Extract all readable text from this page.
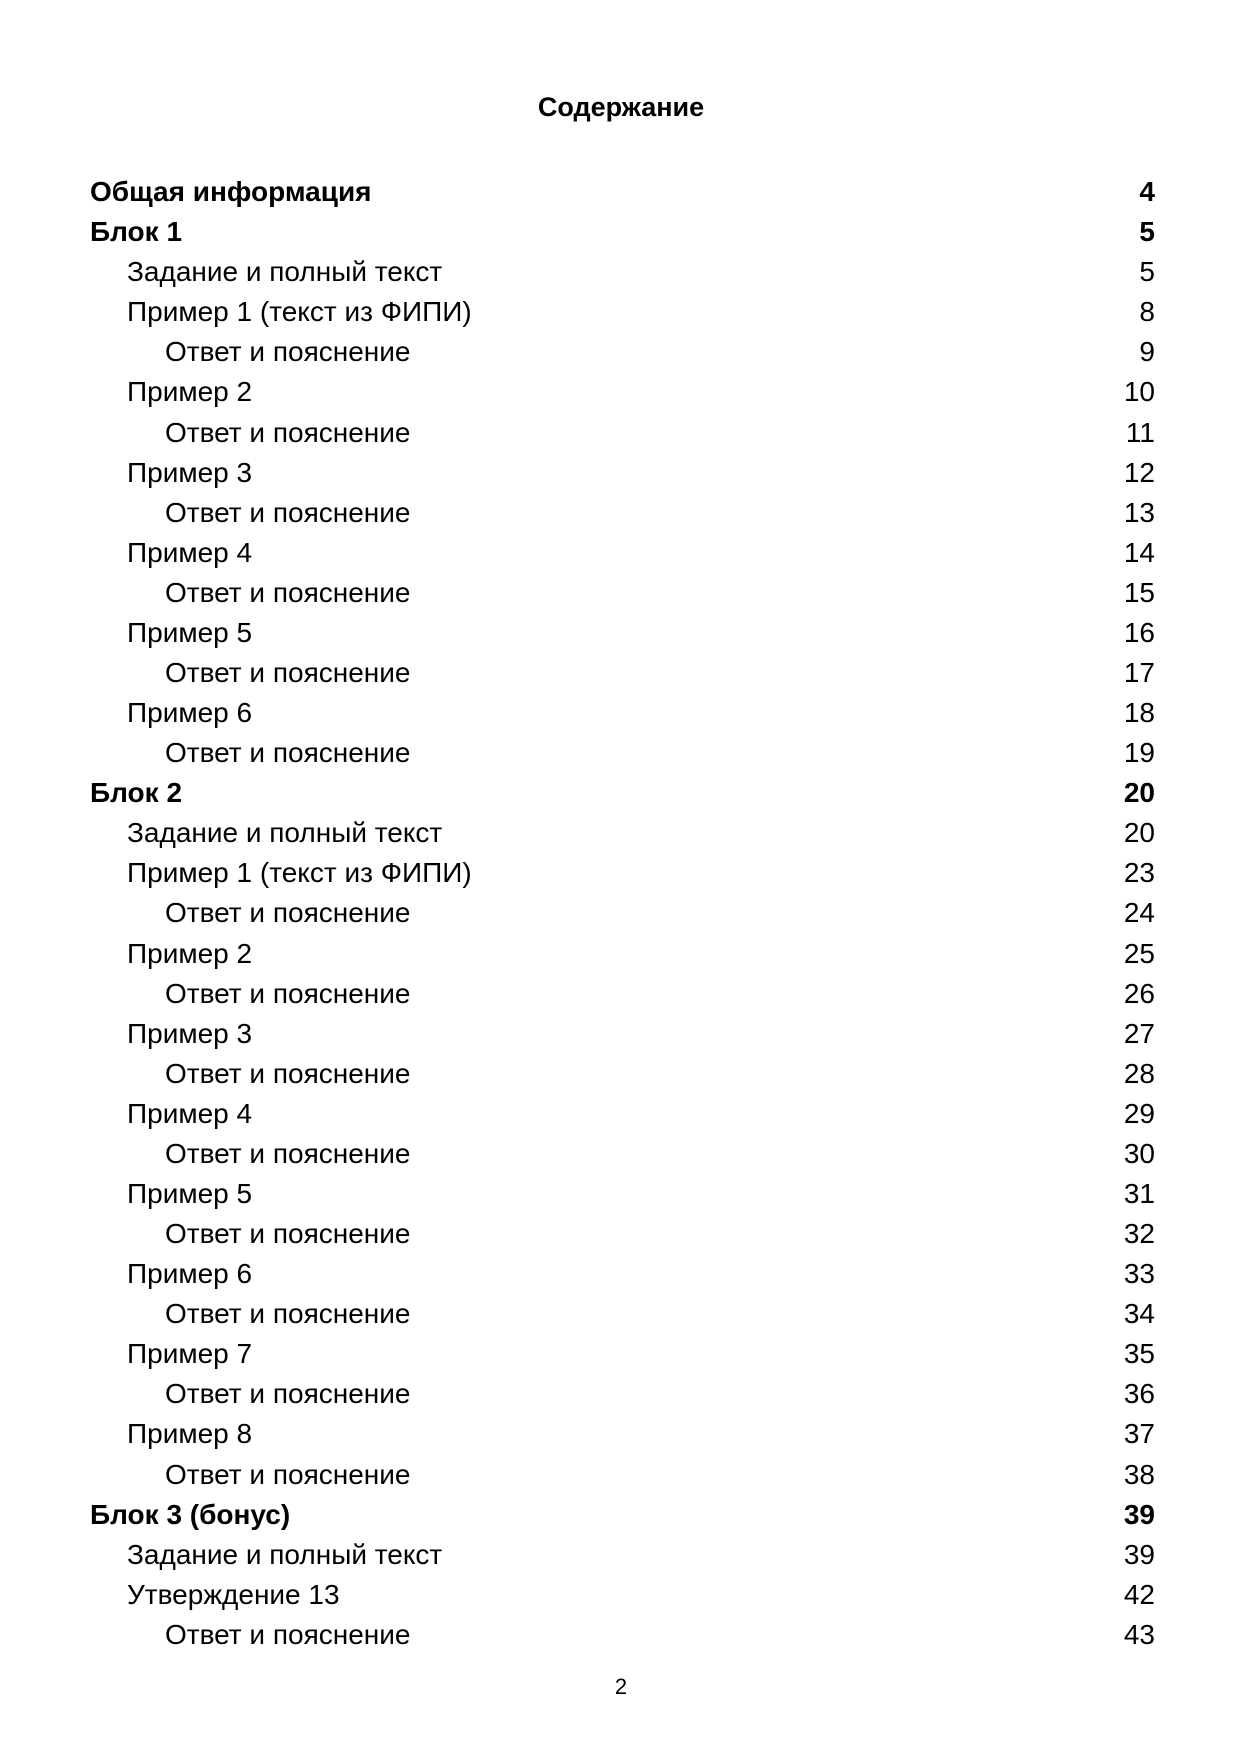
Содержание
Общая информация	4
Блок 1	5
Задание и полный текст	5
Пример 1 (текст из ФИПИ)	8
Ответ и пояснение	9
Пример 2	10
Ответ и пояснение	11
Пример 3	12
Ответ и пояснение	13
Пример 4	14
Ответ и пояснение	15
Пример 5	16
Ответ и пояснение	17
Пример 6	18
Ответ и пояснение	19
Блок 2	20
Задание и полный текст	20
Пример 1 (текст из ФИПИ)	23
Ответ и пояснение	24
Пример 2	25
Ответ и пояснение	26
Пример 3	27
Ответ и пояснение	28
Пример 4	29
Ответ и пояснение	30
Пример 5	31
Ответ и пояснение	32
Пример 6	33
Ответ и пояснение	34
Пример 7	35
Ответ и пояснение	36
Пример 8	37
Ответ и пояснение	38
Блок 3 (бонус)	39
Задание и полный текст	39
Утверждение 13	42
Ответ и пояснение	43
2
